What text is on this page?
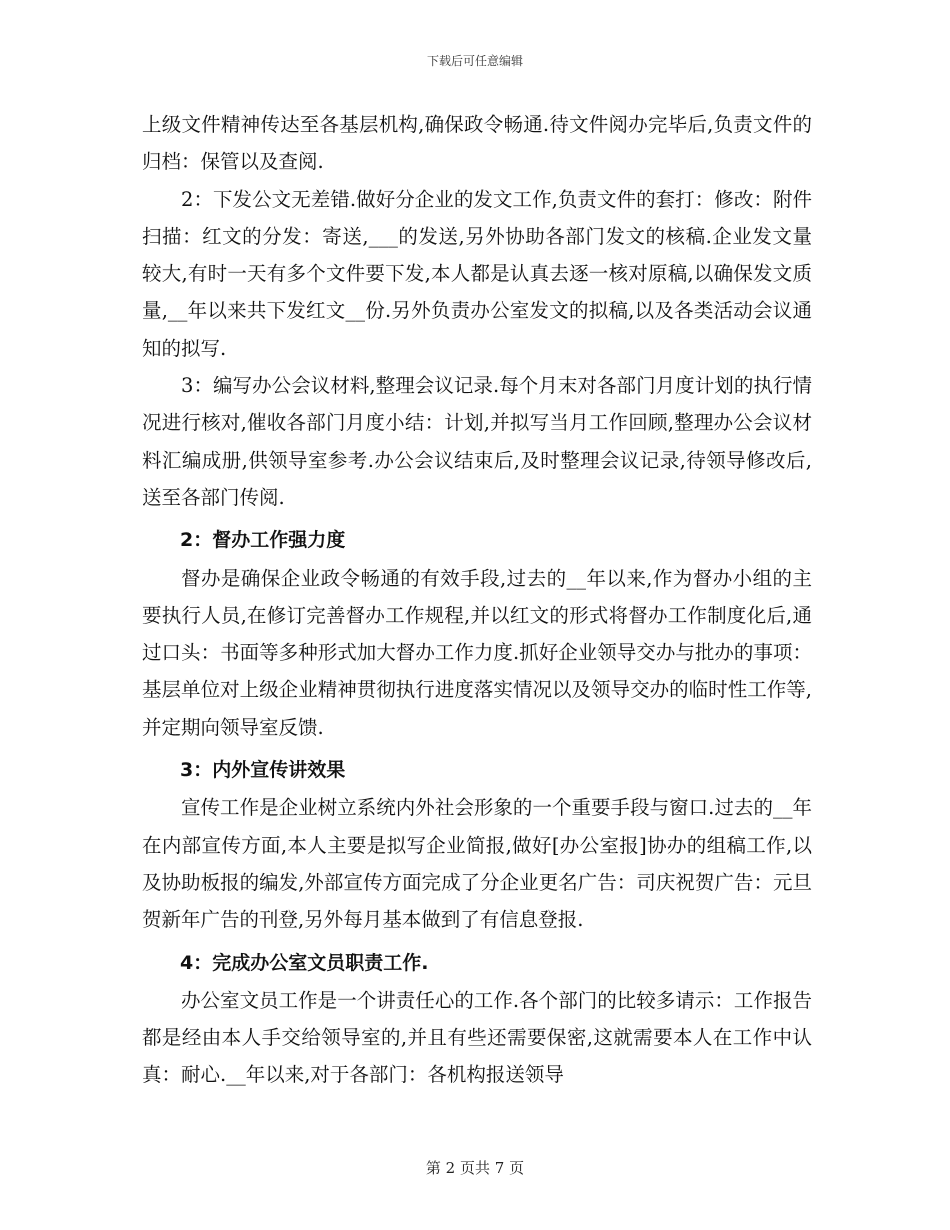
下载后可任意编辑

上级文件精神传达至各基层机构,确保政令畅通.待文件阅办完毕后,负责文件的归档：保管以及查阅.

2：下发公文无差错.做好分企业的发文工作,负责文件的套打：修改：附件扫描：红文的分发：寄送,___的发送,另外协助各部门发文的核稿.企业发文量较大,有时一天有多个文件要下发,本人都是认真去逐一核对原稿,以确保发文质量,__年以来共下发红文__份.另外负责办公室发文的拟稿,以及各类活动会议通知的拟写.

3：编写办公会议材料,整理会议记录.每个月末对各部门月度计划的执行情况进行核对,催收各部门月度小结：计划,并拟写当月工作回顾,整理办公会议材料汇编成册,供领导室参考.办公会议结束后,及时整理会议记录,待领导修改后,送至各部门传阅.

2：督办工作强力度

督办是确保企业政令畅通的有效手段,过去的__年以来,作为督办小组的主要执行人员,在修订完善督办工作规程,并以红文的形式将督办工作制度化后,通过口头：书面等多种形式加大督办工作力度.抓好企业领导交办与批办的事项：基层单位对上级企业精神贯彻执行进度落实情况以及领导交办的临时性工作等,并定期向领导室反馈.

3：内外宣传讲效果

宣传工作是企业树立系统内外社会形象的一个重要手段与窗口.过去的__年在内部宣传方面,本人主要是拟写企业简报,做好[办公室报]协办的组稿工作,以及协助板报的编发,外部宣传方面完成了分企业更名广告：司庆祝贺广告：元旦贺新年广告的刊登,另外每月基本做到了有信息登报.

4：完成办公室文员职责工作.

办公室文员工作是一个讲责任心的工作.各个部门的比较多请示：工作报告都是经由本人手交给领导室的,并且有些还需要保密,这就需要本人在工作中认真：耐心.__年以来,对于各部门：各机构报送领导

第 2 页共 7 页
